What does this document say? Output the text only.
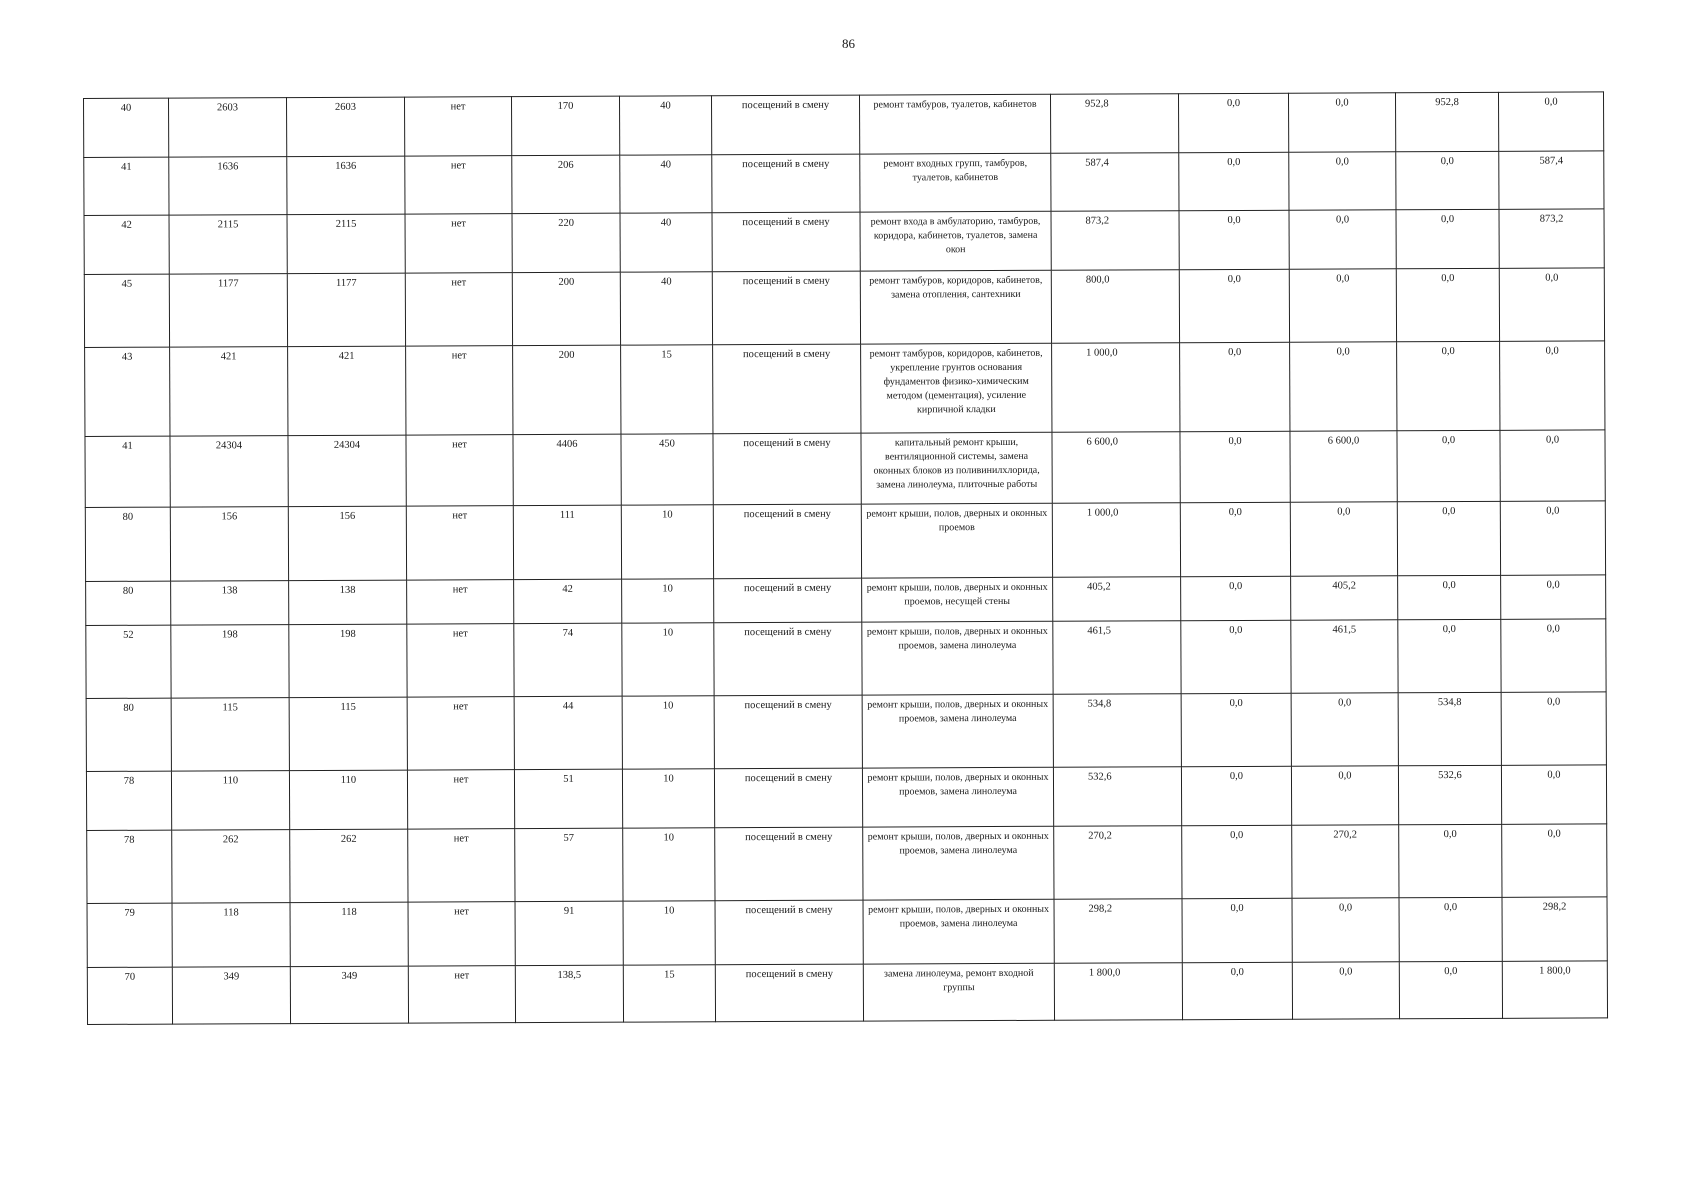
86
40	2603	2603	нет	170	40	посещений в смену	ремонт тамбуров, туалетов, кабинетов	952,8	0,0	0,0	952,8	0,0
41	1636	1636	нет	206	40	посещений в смену	ремонт входных групп, тамбуров, туалетов, кабинетов	587,4	0,0	0,0	0,0	587,4
42	2115	2115	нет	220	40	посещений в смену	ремонт входа в амбулаторию, тамбуров, коридора, кабинетов, туалетов, замена окон	873,2	0,0	0,0	0,0	873,2
45	1177	1177	нет	200	40	посещений в смену	ремонт тамбуров, коридоров, кабинетов, замена отопления, сантехники	800,0	0,0	0,0	0,0	0,0
43	421	421	нет	200	15	посещений в смену	ремонт тамбуров, коридоров, кабинетов, укрепление грунтов основания фундаментов физико-химическим методом (цементация), усиление кирпичной кладки	1 000,0	0,0	0,0	0,0	0,0
41	24304	24304	нет	4406	450	посещений в смену	капитальный ремонт крыши, вентиляционной системы, замена оконных блоков из поливинилхлорида, замена линолеума, плиточные работы	6 600,0	0,0	6 600,0	0,0	0,0
80	156	156	нет	111	10	посещений в смену	ремонт крыши, полов, дверных и оконных проемов	1 000,0	0,0	0,0	0,0	0,0
80	138	138	нет	42	10	посещений в смену	ремонт крыши, полов, дверных и оконных проемов, несущей стены	405,2	0,0	405,2	0,0	0,0
52	198	198	нет	74	10	посещений в смену	ремонт крыши, полов, дверных и оконных проемов, замена линолеума	461,5	0,0	461,5	0,0	0,0
80	115	115	нет	44	10	посещений в смену	ремонт крыши, полов, дверных и оконных проемов, замена линолеума	534,8	0,0	0,0	534,8	0,0
78	110	110	нет	51	10	посещений в смену	ремонт крыши, полов, дверных и оконных проемов, замена линолеума	532,6	0,0	0,0	532,6	0,0
78	262	262	нет	57	10	посещений в смену	ремонт крыши, полов, дверных и оконных проемов, замена линолеума	270,2	0,0	270,2	0,0	0,0
79	118	118	нет	91	10	посещений в смену	ремонт крыши, полов, дверных и оконных проемов, замена линолеума	298,2	0,0	0,0	0,0	298,2
70	349	349	нет	138,5	15	посещений в смену	замена линолеума, ремонт входной группы	1 800,0	0,0	0,0	0,0	1 800,0
